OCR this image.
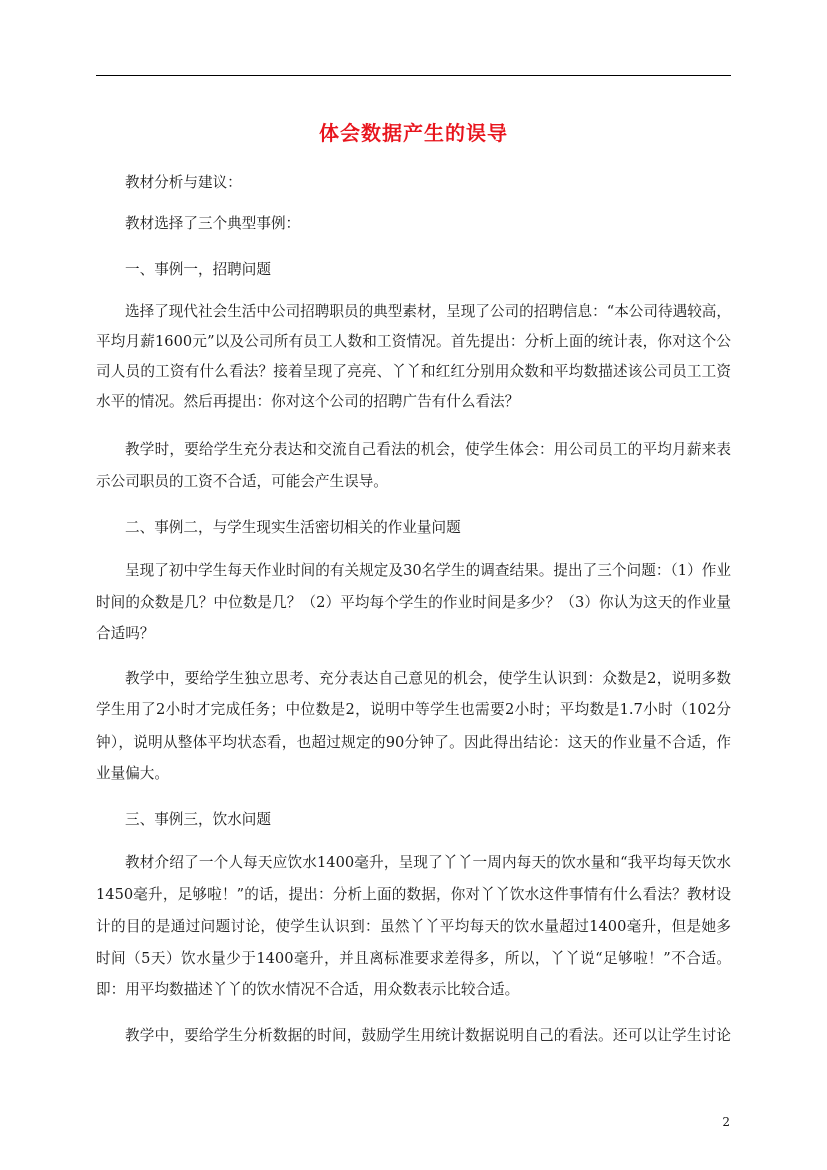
体会数据产生的误导
教材分析与建议：
教材选择了三个典型事例：
一、事例一，招聘问题
选择了现代社会生活中公司招聘职员的典型素材，呈现了公司的招聘信息：“本公司待遇较高，
平均月薪1600元”以及公司所有员工人数和工资情况。首先提出：分析上面的统计表，你对这个公
司人员的工资有什么看法？接着呈现了亮亮、丫丫和红红分别用众数和平均数描述该公司员工工资
水平的情况。然后再提出：你对这个公司的招聘广告有什么看法？
教学时，要给学生充分表达和交流自己看法的机会，使学生体会：用公司员工的平均月薪来表
示公司职员的工资不合适，可能会产生误导。
二、事例二，与学生现实生活密切相关的作业量问题
呈现了初中学生每天作业时间的有关规定及30名学生的调查结果。提出了三个问题：（1）作业
时间的众数是几？中位数是几？（2）平均每个学生的作业时间是多少？（3）你认为这天的作业量
合适吗？
教学中，要给学生独立思考、充分表达自己意见的机会，使学生认识到：众数是2，说明多数
学生用了2小时才完成任务；中位数是2，说明中等学生也需要2小时；平均数是1.7小时（102分
钟），说明从整体平均状态看，也超过规定的90分钟了。因此得出结论：这天的作业量不合适，作
业量偏大。
三、事例三，饮水问题
教材介绍了一个人每天应饮水1400毫升，呈现了丫丫一周内每天的饮水量和“我平均每天饮水
1450毫升，足够啦！”的话，提出：分析上面的数据，你对丫丫饮水这件事情有什么看法？教材设
计的目的是通过问题讨论，使学生认识到：虽然丫丫平均每天的饮水量超过1400毫升，但是她多
时间（5天）饮水量少于1400毫升，并且离标准要求差得多，所以，丫丫说“足够啦！”不合适。
即：用平均数描述丫丫的饮水情况不合适，用众数表示比较合适。
教学中，要给学生分析数据的时间，鼓励学生用统计数据说明自己的看法。还可以让学生讨论
2
